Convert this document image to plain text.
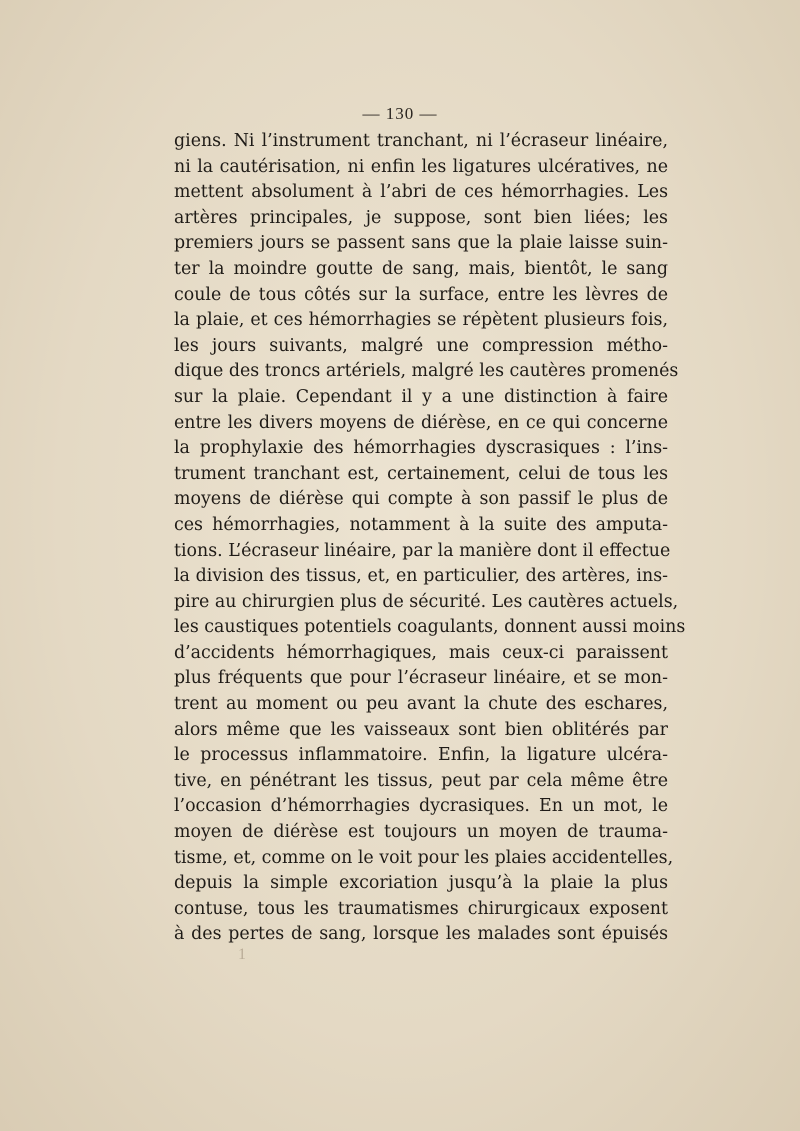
— 130 —
giens. Ni l’instrument tranchant, ni l’écraseur linéaire,
ni la cautérisation, ni enfin les ligatures ulcératives, ne
mettent absolument à l’abri de ces hémorrhagies. Les
artères principales, je suppose, sont bien liées; les
premiers jours se passent sans que la plaie laisse suin-
ter la moindre goutte de sang, mais, bientôt, le sang
coule de tous côtés sur la surface, entre les lèvres de
la plaie, et ces hémorrhagies se répètent plusieurs fois,
les jours suivants, malgré une compression métho-
dique des troncs artériels, malgré les cautères promenés
sur la plaie. Cependant il y a une distinction à faire
entre les divers moyens de diérèse, en ce qui concerne
la prophylaxie des hémorrhagies dyscrasiques : l’ins-
trument tranchant est, certainement, celui de tous les
moyens de diérèse qui compte à son passif le plus de
ces hémorrhagies, notamment à la suite des amputa-
tions. L’écraseur linéaire, par la manière dont il effectue
la division des tissus, et, en particulier, des artères, ins-
pire au chirurgien plus de sécurité. Les cautères actuels,
les caustiques potentiels coagulants, donnent aussi moins
d’accidents hémorrhagiques, mais ceux-ci paraissent
plus fréquents que pour l’écraseur linéaire, et se mon-
trent au moment ou peu avant la chute des eschares,
alors même que les vaisseaux sont bien oblitérés par
le processus inflammatoire. Enfin, la ligature ulcéra-
tive, en pénétrant les tissus, peut par cela même être
l’occasion d’hémorrhagies dycrasiques. En un mot, le
moyen de diérèse est toujours un moyen de trauma-
tisme, et, comme on le voit pour les plaies accidentelles,
depuis la simple excoriation jusqu’à la plaie la plus
contuse, tous les traumatismes chirurgicaux exposent
à des pertes de sang, lorsque les malades sont épuisés
1
